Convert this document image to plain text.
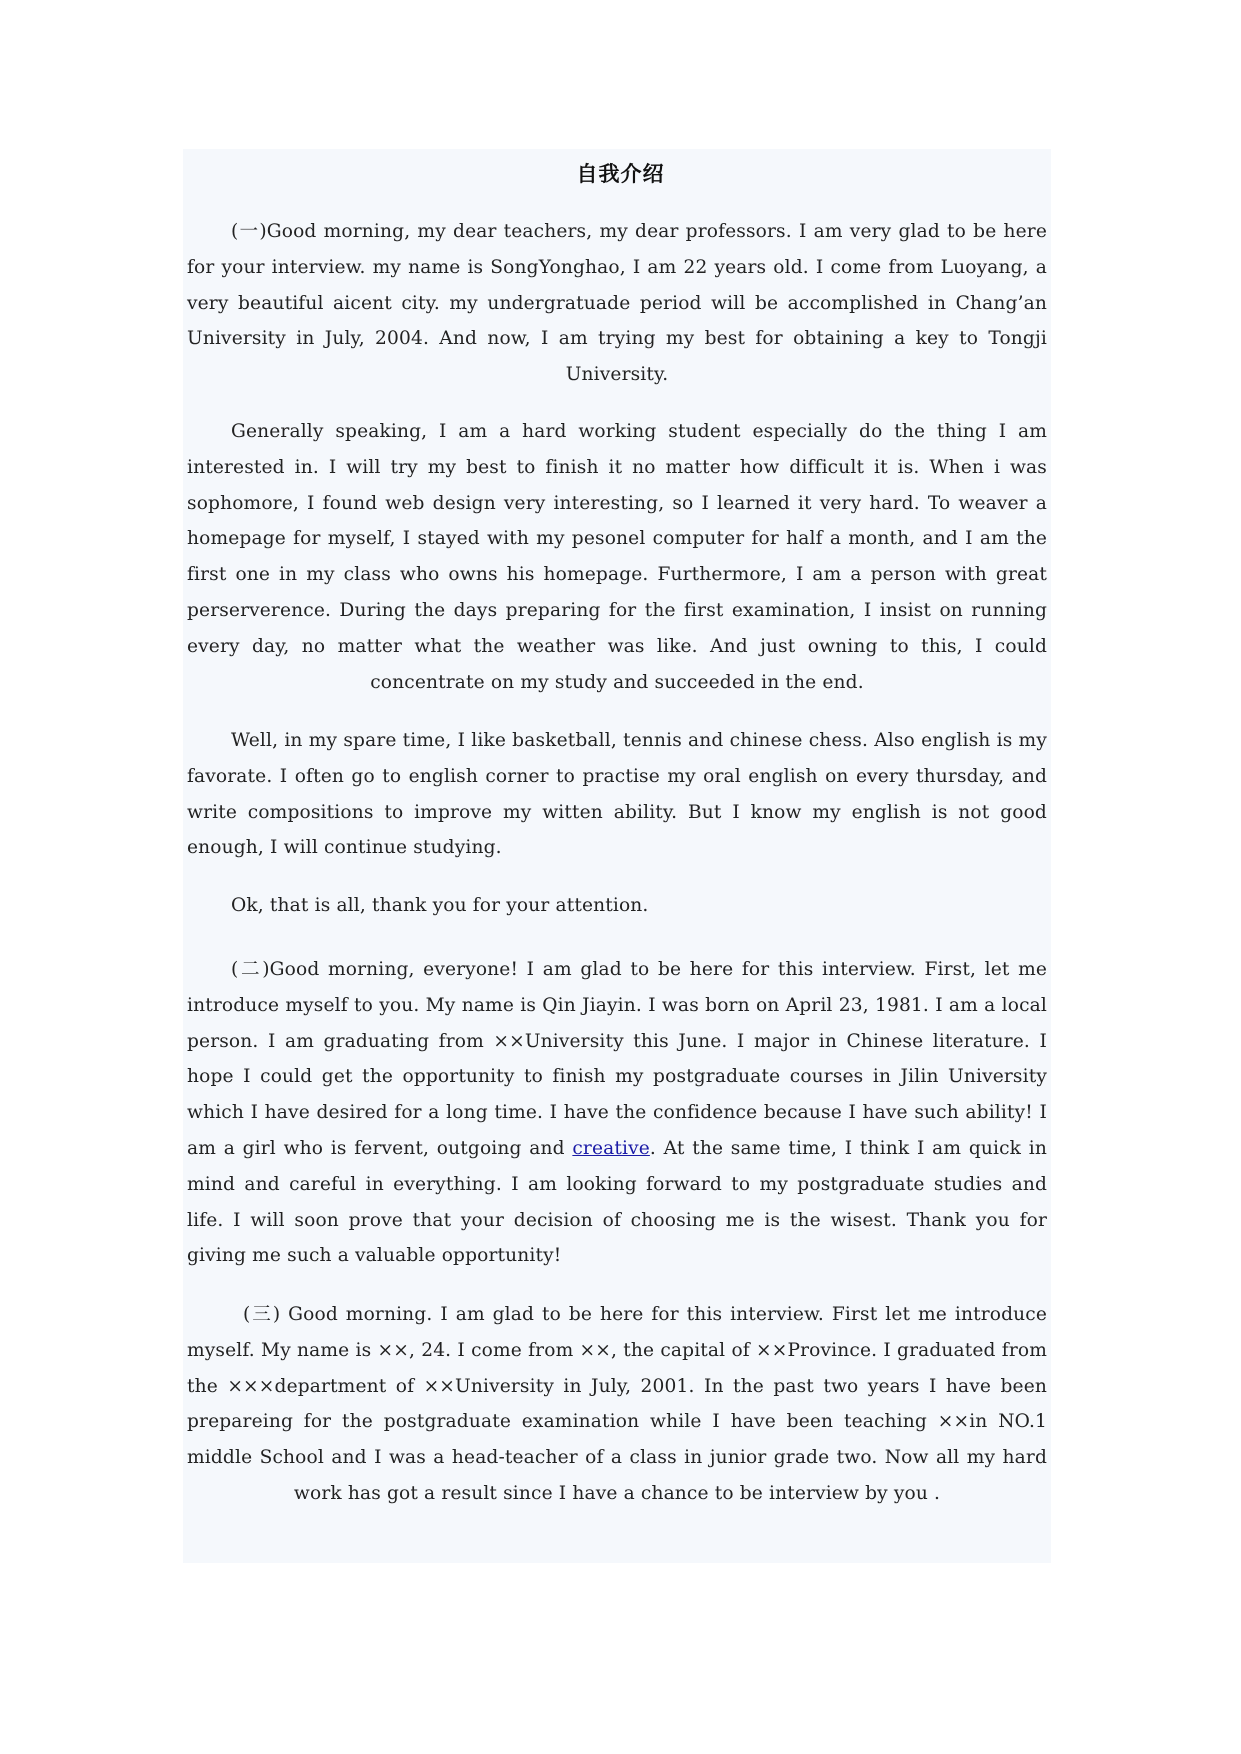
自我介绍
(一)Good morning, my dear teachers, my dear professors. I am very glad to be here for your interview. my name is SongYonghao, I am 22 years old. I come from Luoyang, a very beautiful aicent city. my undergratuade period will be accomplished in Chang’an University in July, 2004. And now, I am trying my best for obtaining a key to Tongji University.
Generally speaking, I am a hard working student especially do the thing I am interested in. I will try my best to finish it no matter how difficult it is. When i was sophomore, I found web design very interesting, so I learned it very hard. To weaver a homepage for myself, I stayed with my pesonel computer for half a month, and I am the first one in my class who owns his homepage. Furthermore, I am a person with great perserverence. During the days preparing for the first examination, I insist on running every day, no matter what the weather was like. And just owning to this, I could concentrate on my study and succeeded in the end.
Well, in my spare time, I like basketball, tennis and chinese chess. Also english is my favorate. I often go to english corner to practise my oral english on every thursday, and write compositions to improve my witten ability. But I know my english is not good enough, I will continue studying.
Ok, that is all, thank you for your attention.
(二)Good morning, everyone! I am glad to be here for this interview. First, let me introduce myself to you. My name is Qin Jiayin. I was born on April 23, 1981. I am a local person. I am graduating from ××University this June. I major in Chinese literature. I hope I could get the opportunity to finish my postgraduate courses in Jilin University which I have desired for a long time. I have the confidence because I have such ability! I am a girl who is fervent, outgoing and creative. At the same time, I think I am quick in mind and careful in everything. I am looking forward to my postgraduate studies and life. I will soon prove that your decision of choosing me is the wisest. Thank you for giving me such a valuable opportunity!
(三) Good morning. I am glad to be here for this interview. First let me introduce myself. My name is ××, 24. I come from ××, the capital of ××Province. I graduated from the ×××department of ××University in July, 2001. In the past two years I have been prepareing for the postgraduate examination while I have been teaching ××in NO.1 middle School and I was a head-teacher of a class in junior grade two. Now all my hard work has got a result since I have a chance to be interview by you .
